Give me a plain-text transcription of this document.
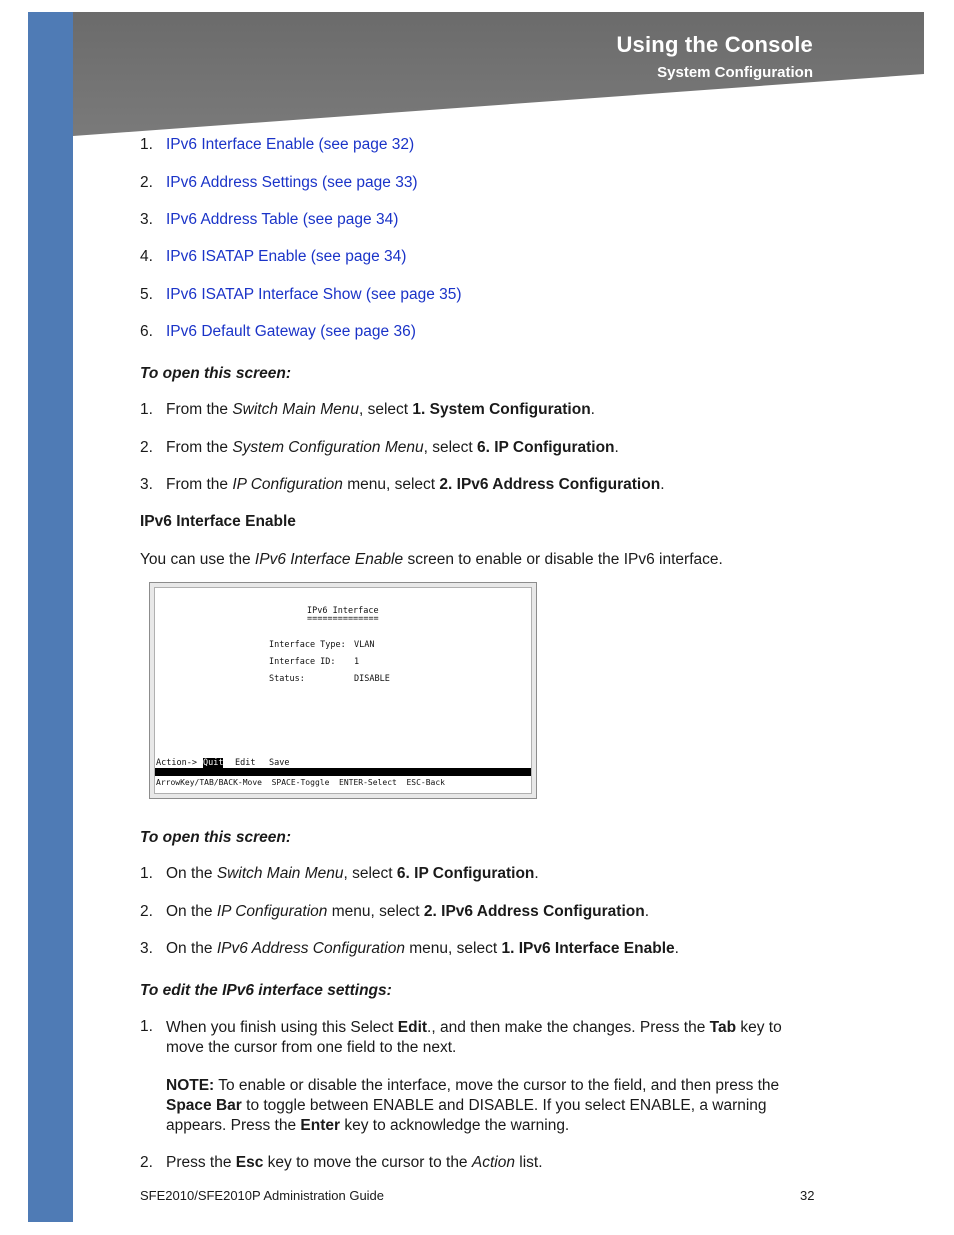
Using the Console
System Configuration
1. IPv6 Interface Enable (see page 32)
2. IPv6 Address Settings (see page 33)
3. IPv6 Address Table (see page 34)
4. IPv6 ISATAP Enable (see page 34)
5. IPv6 ISATAP Interface Show (see page 35)
6. IPv6 Default Gateway (see page 36)
To open this screen:
1. From the Switch Main Menu, select 1. System Configuration.
2. From the System Configuration Menu, select 6. IP Configuration.
3. From the IP Configuration menu, select 2. IPv6 Address Configuration.
IPv6 Interface Enable
You can use the IPv6 Interface Enable screen to enable or disable the IPv6 interface.
IPv6 Interface
==============
Interface Type: VLAN
Interface ID: 1
Status:	DISABLE
Action-> Quit Edit Save
ArrowKey/TAB/BACK-Move  SPACE-Toggle  ENTER-Select  ESC-Back
To open this screen:
1. On the Switch Main Menu, select 6. IP Configuration.
2. On the IP Configuration menu, select 2. IPv6 Address Configuration.
3. On the IPv6 Address Configuration menu, select 1. IPv6 Interface Enable.
To edit the IPv6 interface settings:
1. When you finish using this Select Edit., and then make the changes. Press the Tab key to move the cursor from one field to the next.
NOTE: To enable or disable the interface, move the cursor to the field, and then press the Space Bar to toggle between ENABLE and DISABLE. If you select ENABLE, a warning appears. Press the Enter key to acknowledge the warning.
2. Press the Esc key to move the cursor to the Action list.
SFE2010/SFE2010P Administration Guide	32
